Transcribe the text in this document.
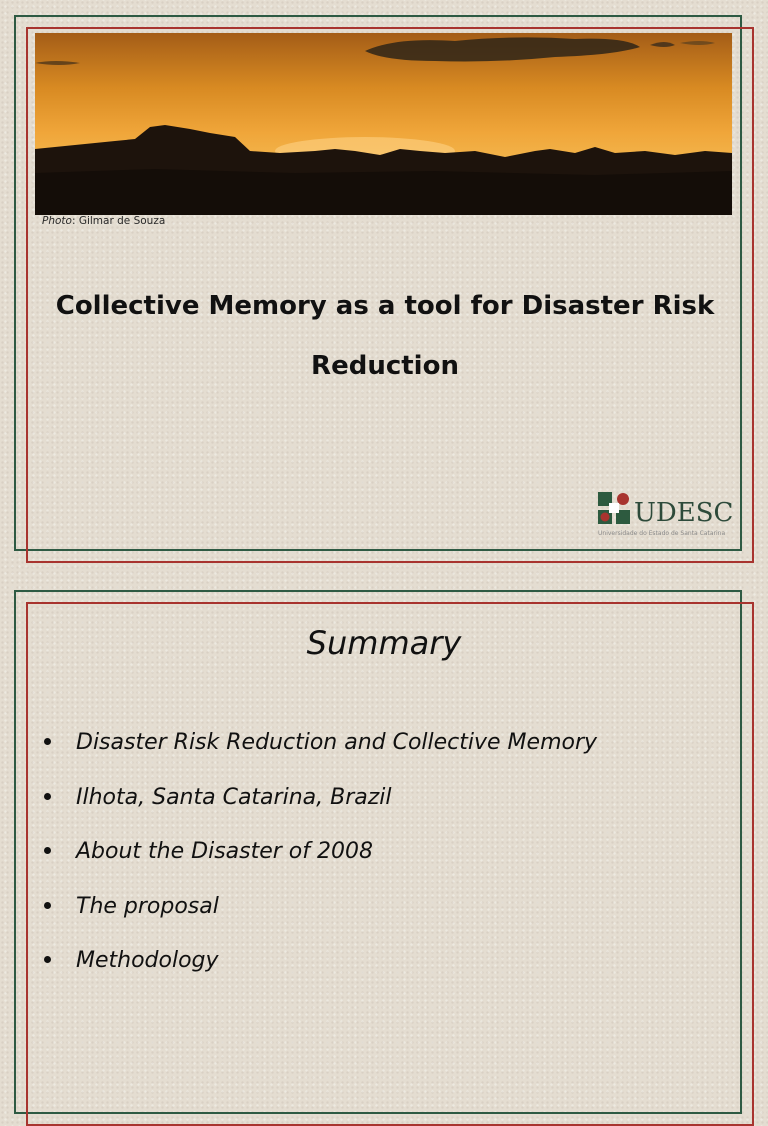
Photo: Gilmar de Souza
Collective Memory as a tool for Disaster Risk Reduction
UDESC
Universidade do Estado de Santa Catarina
Summary
Disaster Risk Reduction and Collective Memory
Ilhota, Santa Catarina, Brazil
About the Disaster of 2008
The proposal
Methodology
